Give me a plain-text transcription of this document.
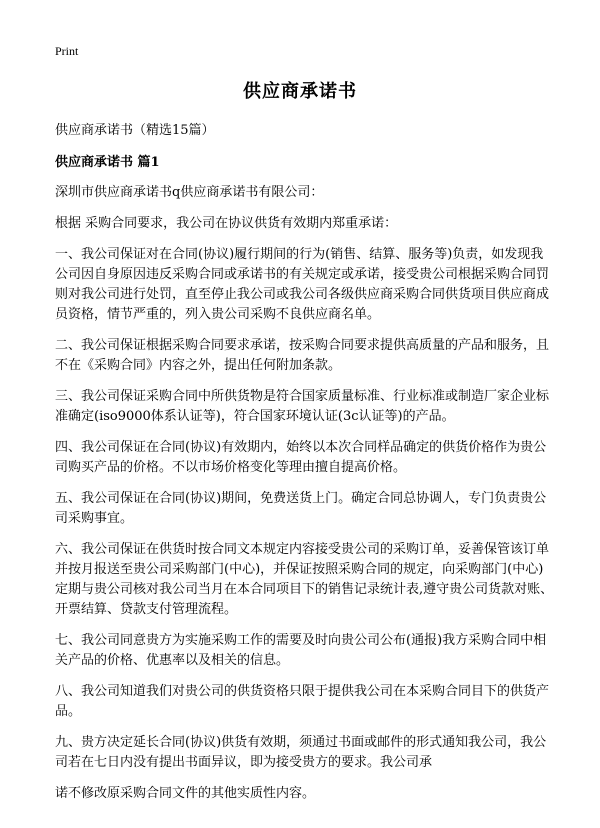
Print
供应商承诺书

供应商承诺书（精选15篇）

供应商承诺书 篇1

深圳市供应商承诺书q供应商承诺书有限公司：

根据 采购合同要求，我公司在协议供货有效期内郑重承诺：

一、我公司保证对在合同(协议)履行期间的行为(销售、结算、服务等)负责，如发现我公司因自身原因违反采购合同或承诺书的有关规定或承诺，接受贵公司根据采购合同罚则对我公司进行处罚，直至停止我公司或我公司各级供应商采购合同供货项目供应商成员资格，情节严重的，列入贵公司采购不良供应商名单。

二、我公司保证根据采购合同要求承诺，按采购合同要求提供高质量的产品和服务，且不在《采购合同》内容之外，提出任何附加条款。

三、我公司保证采购合同中所供货物是符合国家质量标准、行业标准或制造厂家企业标准确定(iso9000体系认证等)，符合国家环境认证(3c认证等)的产品。

四、我公司保证在合同(协议)有效期内，始终以本次合同样品确定的供货价格作为贵公司购买产品的价格。不以市场价格变化等理由擅自提高价格。

五、我公司保证在合同(协议)期间，免费送货上门。确定合同总协调人，专门负责贵公司采购事宜。

六、我公司保证在供货时按合同文本规定内容接受贵公司的采购订单，妥善保管该订单并按月报送至贵公司采购部门(中心)，并保证按照采购合同的规定，向采购部门(中心)定期与贵公司核对我公司当月在本合同项目下的销售记录统计表,遵守贵公司货款对账、开票结算、贷款支付管理流程。

七、我公司同意贵方为实施采购工作的需要及时向贵公司公布(通报)我方采购合同中相关产品的价格、优惠率以及相关的信息。

八、我公司知道我们对贵公司的供货资格只限于提供我公司在本采购合同目下的供货产品。

九、贵方决定延长合同(协议)供货有效期，须通过书面或邮件的形式通知我公司，我公司若在七日内没有提出书面异议，即为接受贵方的要求。我公司承

诺不修改原采购合同文件的其他实质性内容。
